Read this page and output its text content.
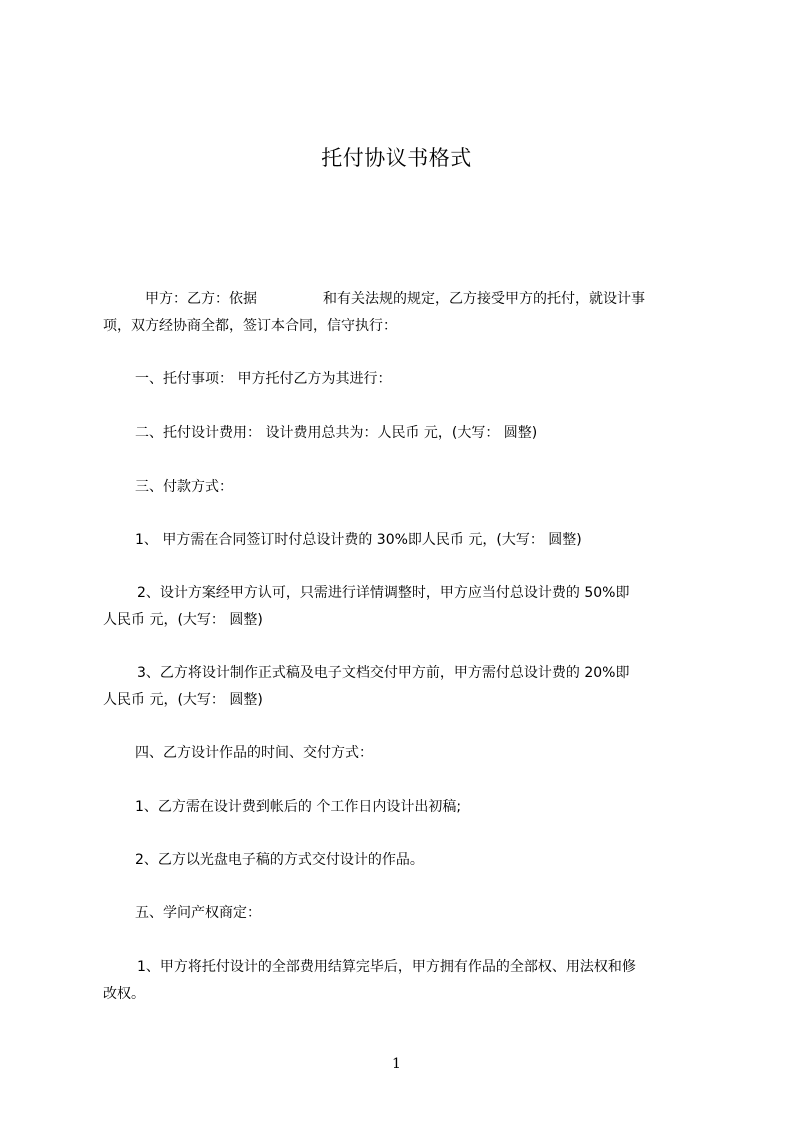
托付协议书格式
甲方：乙方：依据	和有关法规的规定，乙方接受甲方的托付，就设计事
项，双方经协商全都，签订本合同，信守执行：
一、托付事项： 甲方托付乙方为其进行：
二、托付设计费用： 设计费用总共为：人民币 元，(大写： 圆整)
三、付款方式：
1、 甲方需在合同签订时付总设计费的 30%即人民币 元，(大写： 圆整)
2、设计方案经甲方认可，只需进行详情调整时，甲方应当付总设计费的 50%即
人民币 元，(大写： 圆整)
3、乙方将设计制作正式稿及电子文档交付甲方前，甲方需付总设计费的 20%即
人民币 元，(大写： 圆整)
四、乙方设计作品的时间、交付方式：
1、乙方需在设计费到帐后的 个工作日内设计出初稿;
2、乙方以光盘电子稿的方式交付设计的作品。
五、学问产权商定：
1、甲方将托付设计的全部费用结算完毕后，甲方拥有作品的全部权、用法权和修
改权。
1
